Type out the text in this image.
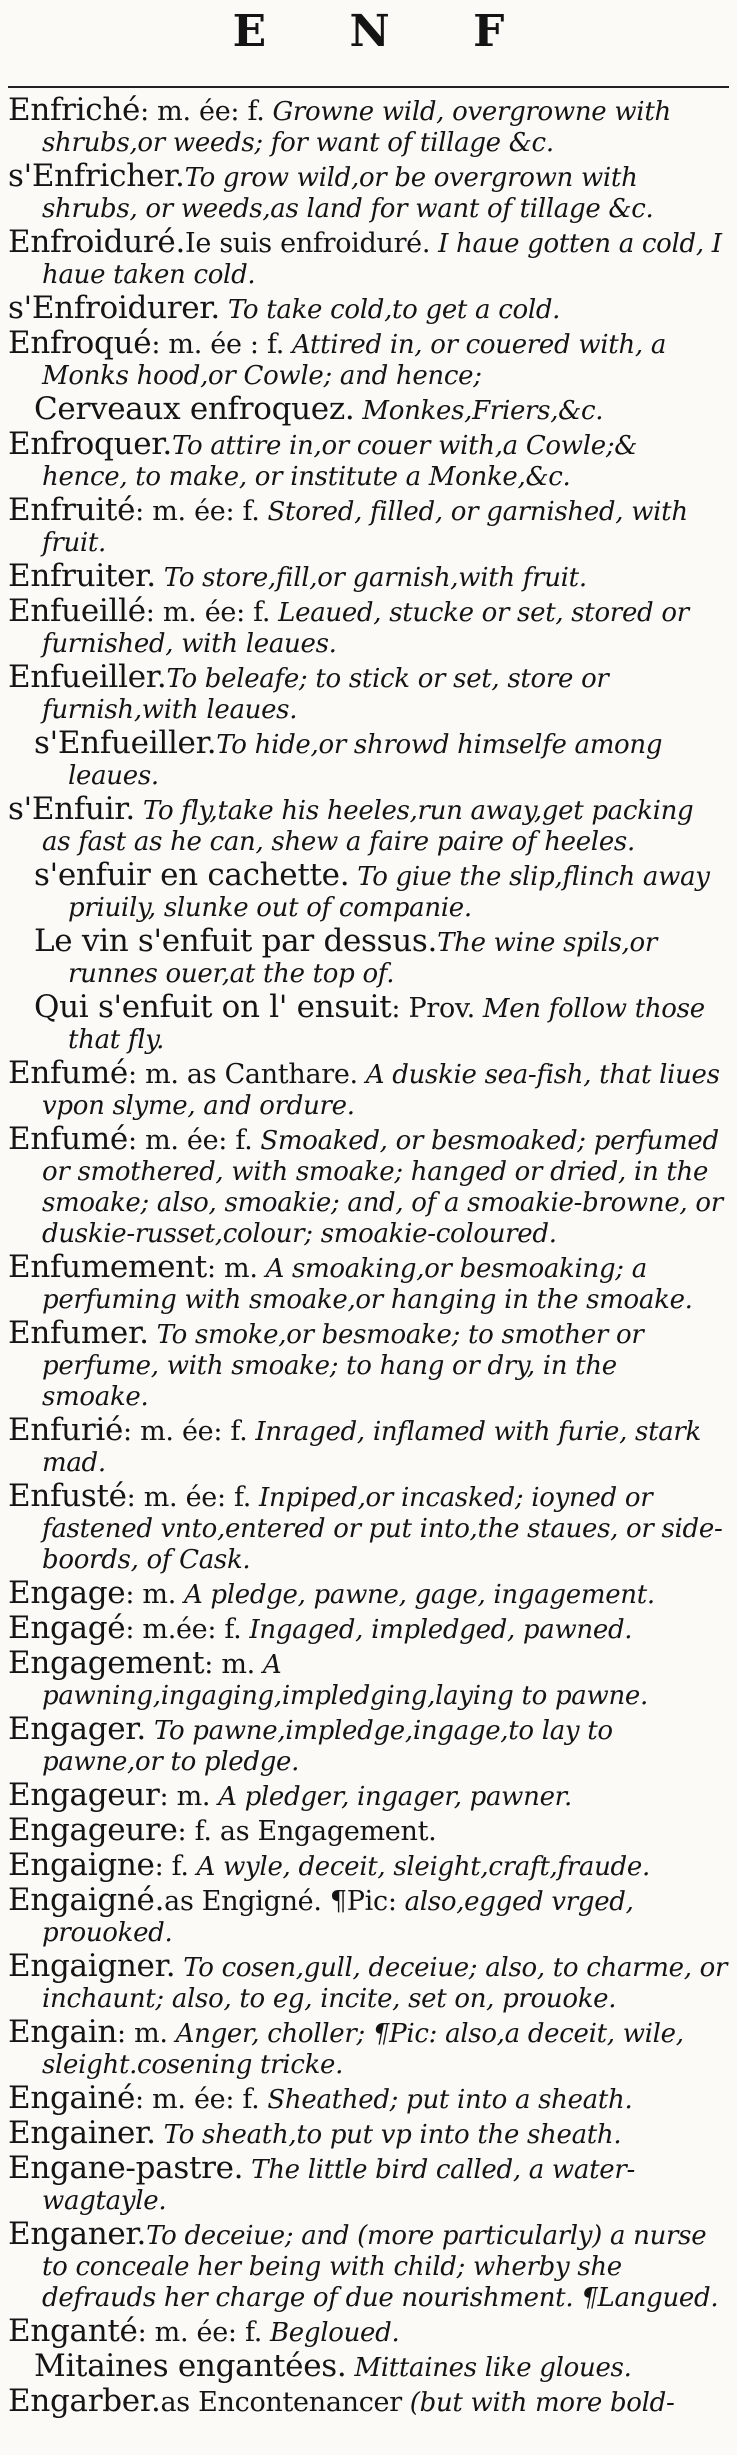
E N F
Enfriché: m. ée: f. Growne wild, overgrowne with shrubs,or weeds; for want of tillage &c.
s'Enfricher.To grow wild,or be overgrown with shrubs, or weeds,as land for want of tillage &c.
Enfroiduré.Ie suis enfroiduré. I haue gotten a cold, I haue taken cold.
s'Enfroidurer. To take cold,to get a cold.
Enfroqué: m. ée : f. Attired in, or couered with, a Monks hood,or Cowle; and hence;
Cerveaux enfroquez. Monkes,Friers,&c.
Enfroquer.To attire in,or couer with,a Cowle;& hence, to make, or institute a Monke,&c.
Enfruité: m. ée: f. Stored, filled, or garnished, with fruit.
Enfruiter. To store,fill,or garnish,with fruit.
Enfueillé: m. ée: f. Leaued, stucke or set, stored or furnished, with leaues.
Enfueiller.To beleafe; to stick or set, store or furnish,with leaues.
s'Enfueiller.To hide,or shrowd himselfe among leaues.
s'Enfuir. To fly,take his heeles,run away,get packing as fast as he can, shew a faire paire of heeles.
s'enfuir en cachette. To giue the slip,flinch away priuily, slunke out of companie.
Le vin s'enfuit par dessus.The wine spils,or runnes ouer,at the top of.
Qui s'enfuit on l' ensuit: Prov. Men follow those that fly.
Enfumé: m. as Canthare. A duskie sea-fish, that liues vpon slyme, and ordure.
Enfumé: m. ée: f. Smoaked, or besmoaked; perfumed or smothered, with smoake; hanged or dried, in the smoake; also, smoakie; and, of a smoakie-browne, or duskie-russet,colour; smoakie-coloured.
Enfumement: m. A smoaking,or besmoaking; a perfuming with smoake,or hanging in the smoake.
Enfumer. To smoke,or besmoake; to smother or perfume, with smoake; to hang or dry, in the smoake.
Enfurié: m. ée: f. Inraged, inflamed with furie, stark mad.
Enfusté: m. ée: f. Inpiped,or incasked; ioyned or fastened vnto,entered or put into,the staues, or side-boords, of Cask.
Engage: m. A pledge, pawne, gage, ingagement.
Engagé: m.ée: f. Ingaged, impledged, pawned.
Engagement: m. A pawning,ingaging,impledging,laying to pawne.
Engager. To pawne,impledge,ingage,to lay to pawne,or to pledge.
Engageur: m. A pledger, ingager, pawner.
Engageure: f. as Engagement.
Engaigne: f. A wyle, deceit, sleight,craft,fraude.
Engaigné.as Engigné. ¶Pic: also,egged vrged, prouoked.
Engaigner. To cosen,gull, deceiue; also, to charme, or inchaunt; also, to eg, incite, set on, prouoke.
Engain: m. Anger, choller; ¶Pic: also,a deceit, wile, sleight.cosening tricke.
Engainé: m. ée: f. Sheathed; put into a sheath.
Engainer. To sheath,to put vp into the sheath.
Engane-pastre. The little bird called, a water-wagtayle.
Enganer.To deceiue; and (more particularly) a nurse to conceale her being with child; wherby she defrauds her charge of due nourishment. ¶Langued.
Enganté: m. ée: f. Begloued.
Mitaines engantées. Mittaines like gloues.
Engarber.as Encontenancer (but with more bold-
